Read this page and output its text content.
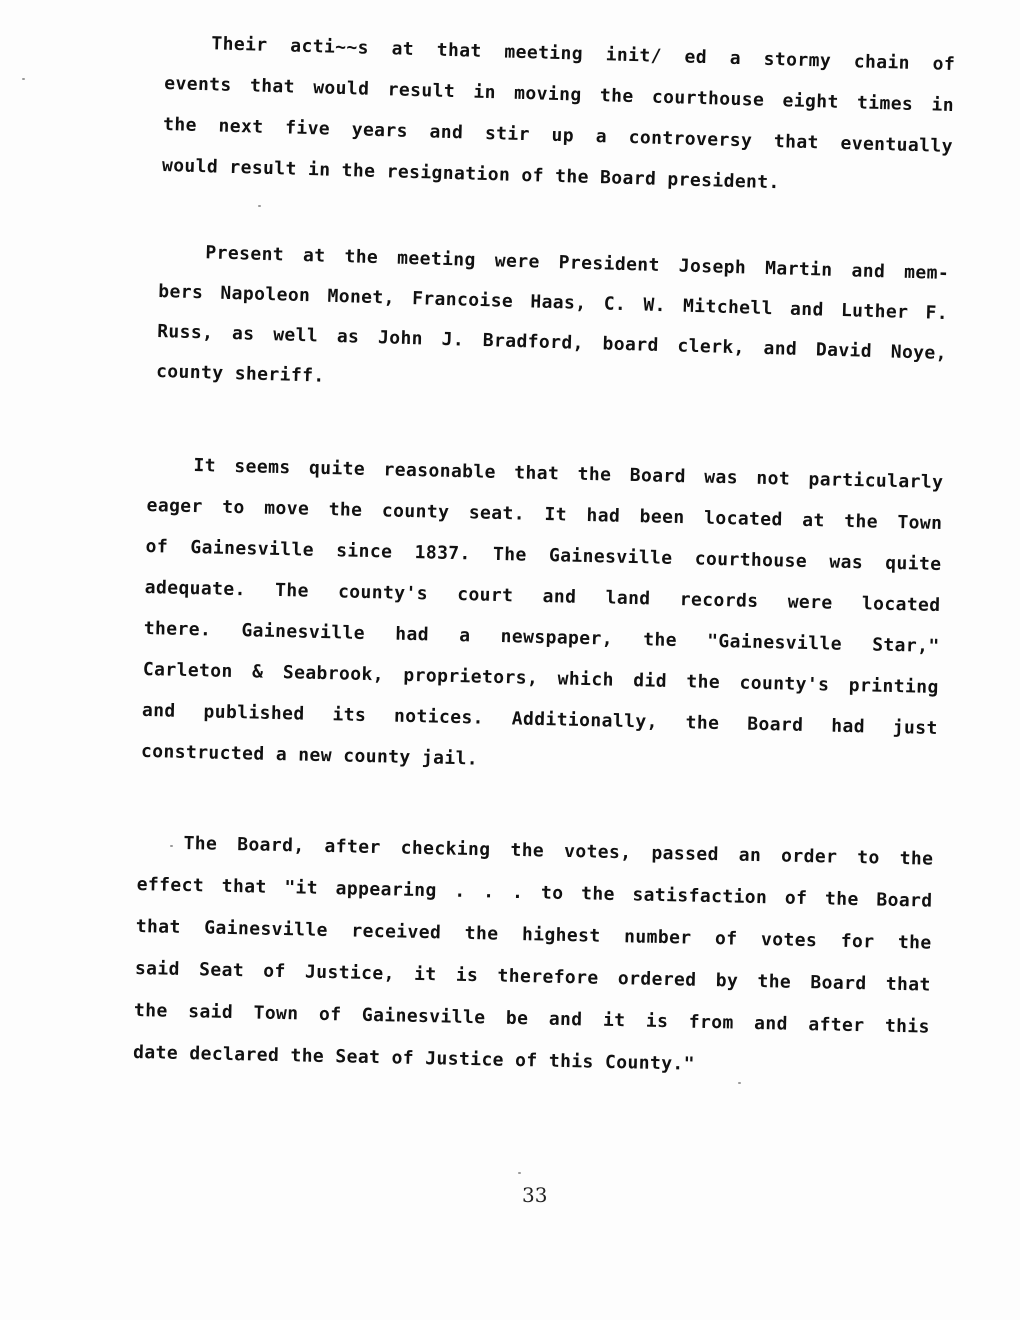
Their acti~~s at that meeting init/ ed a stormy chain of
events that would result in moving the courthouse eight times in
the next five years and stir up a controversy that eventually
would result in the resignation of the Board president.
Present at the meeting were President Joseph Martin and mem-
bers Napoleon Monet, Francoise Haas, C. W. Mitchell and Luther F.
Russ, as well as John J. Bradford, board clerk, and David Noye,
county sheriff.
It seems quite reasonable that the Board was not particularly
eager to move the county seat. It had been located at the Town
of Gainesville since 1837. The Gainesville courthouse was quite
adequate. The county's court and land records were located
there. Gainesville had a newspaper, the "Gainesville Star,"
Carleton & Seabrook, proprietors, which did the county's printing
and published its notices. Additionally, the Board had just
constructed a new county jail.
The Board, after checking the votes, passed an order to the
effect that "it appearing . . . to the satisfaction of the Board
that Gainesville received the highest number of votes for the
said Seat of Justice, it is therefore ordered by the Board that
the said Town of Gainesville be and it is from and after this
date declared the Seat of Justice of this County."
33
